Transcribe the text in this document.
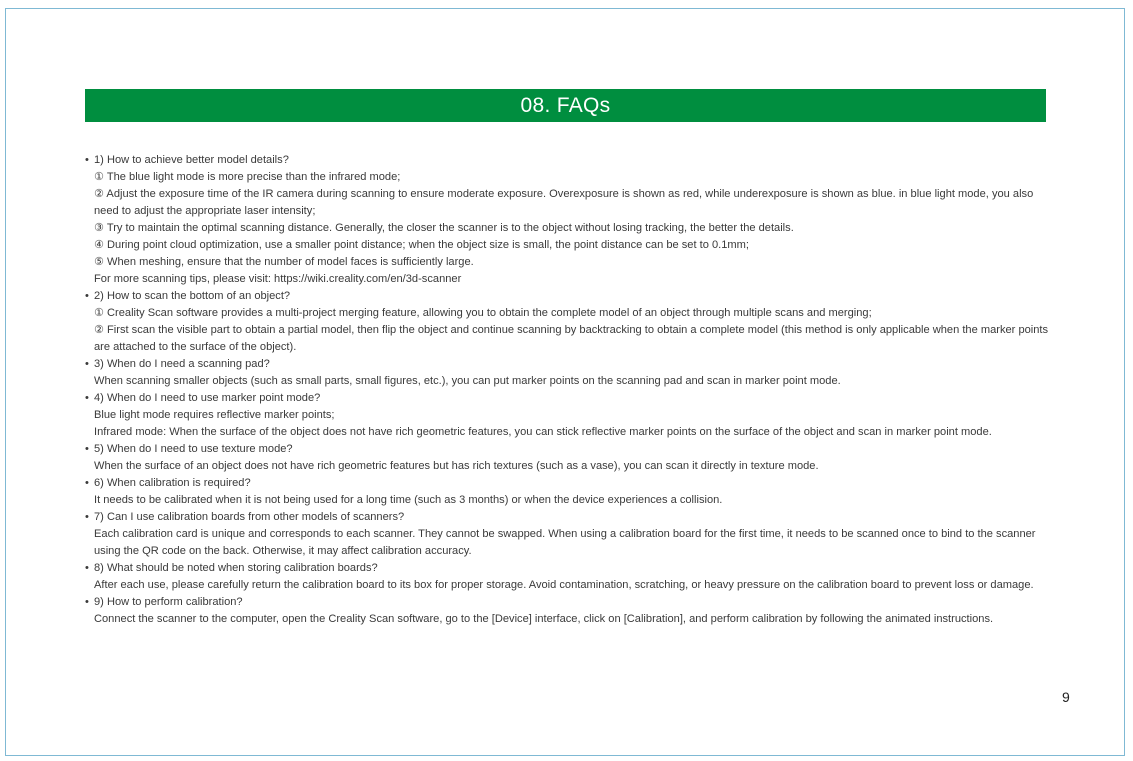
08. FAQs
• 1) How to achieve better model details?
① The blue light mode is more precise than the infrared mode;
② Adjust the exposure time of the IR camera during scanning to ensure moderate exposure. Overexposure is shown as red, while underexposure is shown as blue. in blue light mode, you also need to adjust the appropriate laser intensity;
③ Try to maintain the optimal scanning distance. Generally, the closer the scanner is to the object without losing tracking, the better the details.
④ During point cloud optimization, use a smaller point distance; when the object size is small, the point distance can be set to 0.1mm;
⑤ When meshing, ensure that the number of model faces is sufficiently large.
For more scanning tips, please visit: https://wiki.creality.com/en/3d-scanner
• 2) How to scan the bottom of an object?
① Creality Scan software provides a multi-project merging feature, allowing you to obtain the complete model of an object through multiple scans and merging;
② First scan the visible part to obtain a partial model, then flip the object and continue scanning by backtracking to obtain a complete model (this method is only applicable when the marker points are attached to the surface of the object).
• 3) When do I need a scanning pad?
When scanning smaller objects (such as small parts, small figures, etc.), you can put marker points on the scanning pad and scan in marker point mode.
• 4) When do I need to use marker point mode?
Blue light mode requires reflective marker points;
Infrared mode: When the surface of the object does not have rich geometric features, you can stick reflective marker points on the surface of the object and scan in marker point mode.
• 5) When do I need to use texture mode?
When the surface of an object does not have rich geometric features but has rich textures (such as a vase), you can scan it directly in texture mode.
• 6) When calibration is required?
It needs to be calibrated when it is not being used for a long time (such as 3 months) or when the device experiences a collision.
• 7) Can I use calibration boards from other models of scanners?
Each calibration card is unique and corresponds to each scanner. They cannot be swapped. When using a calibration board for the first time, it needs to be scanned once to bind to the scanner using the QR code on the back. Otherwise, it may affect calibration accuracy.
• 8) What should be noted when storing calibration boards?
After each use, please carefully return the calibration board to its box for proper storage. Avoid contamination, scratching, or heavy pressure on the calibration board to prevent loss or damage.
• 9) How to perform calibration?
Connect the scanner to the computer, open the Creality Scan software, go to the [Device] interface, click on [Calibration], and perform calibration by following the animated instructions.
9
